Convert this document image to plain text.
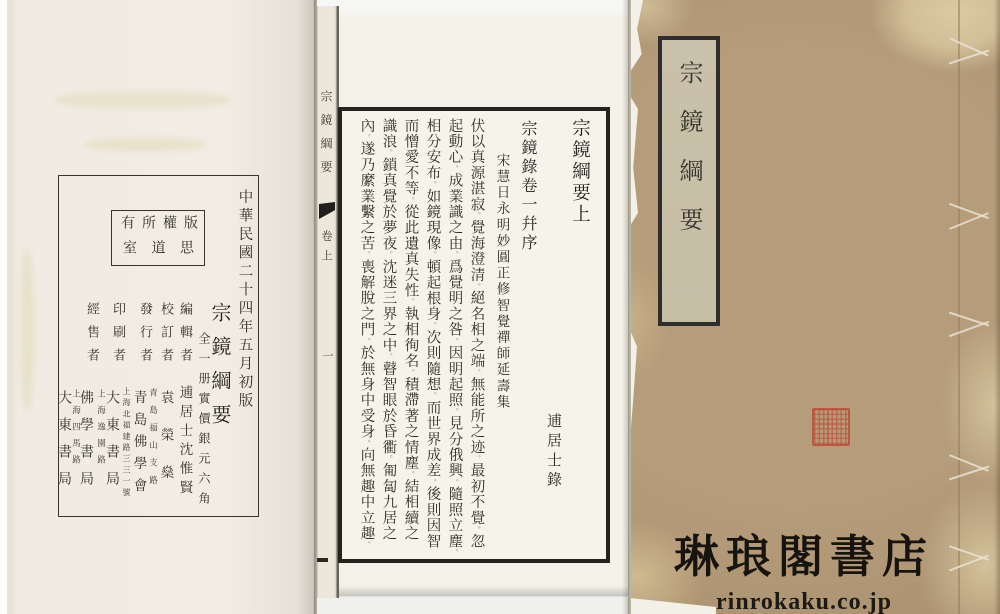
中華民國二十四年五月初版
版權所有
思道室
宗鏡綱要
全一册實價銀元六角
編輯者
校訂者
發行者
印刷者
經售者
逋居士沈惟賢
袁榮燊
青島福山支路
青島佛學會
上海北福建路三三一號
大東書局
上海逸園路
佛學書局
上海四馬路
大東書局
宗鏡綱要
卷上
一
宗鏡綱要上
逋居士錄
宗鏡錄卷一幷序
宋慧日永明妙圓正修智覺禪師延壽集
伏以真源湛寂。覺海澄清。絕名相之端。無能所之迹。最初不覺。忽
起動心。成業識之由。爲覺明之咎。因明起照。見分俄興。隨照立塵。
相分安布。如鏡現像。頓起根身。次則隨想。而世界成差。後則因智
而憎愛不等。從此遺真失性。執相徇名。積滯著之情塵。結相續之
識浪。鎖真覺於夢夜。沈迷三界之中。瞽智眼於昏衢。匍匐九居之
內。遂乃縻業繫之苦。喪解脫之門。於無身中受身。向無趣中立趣。
宗鏡綱要
琳琅閣書店
rinrokaku.co.jp
